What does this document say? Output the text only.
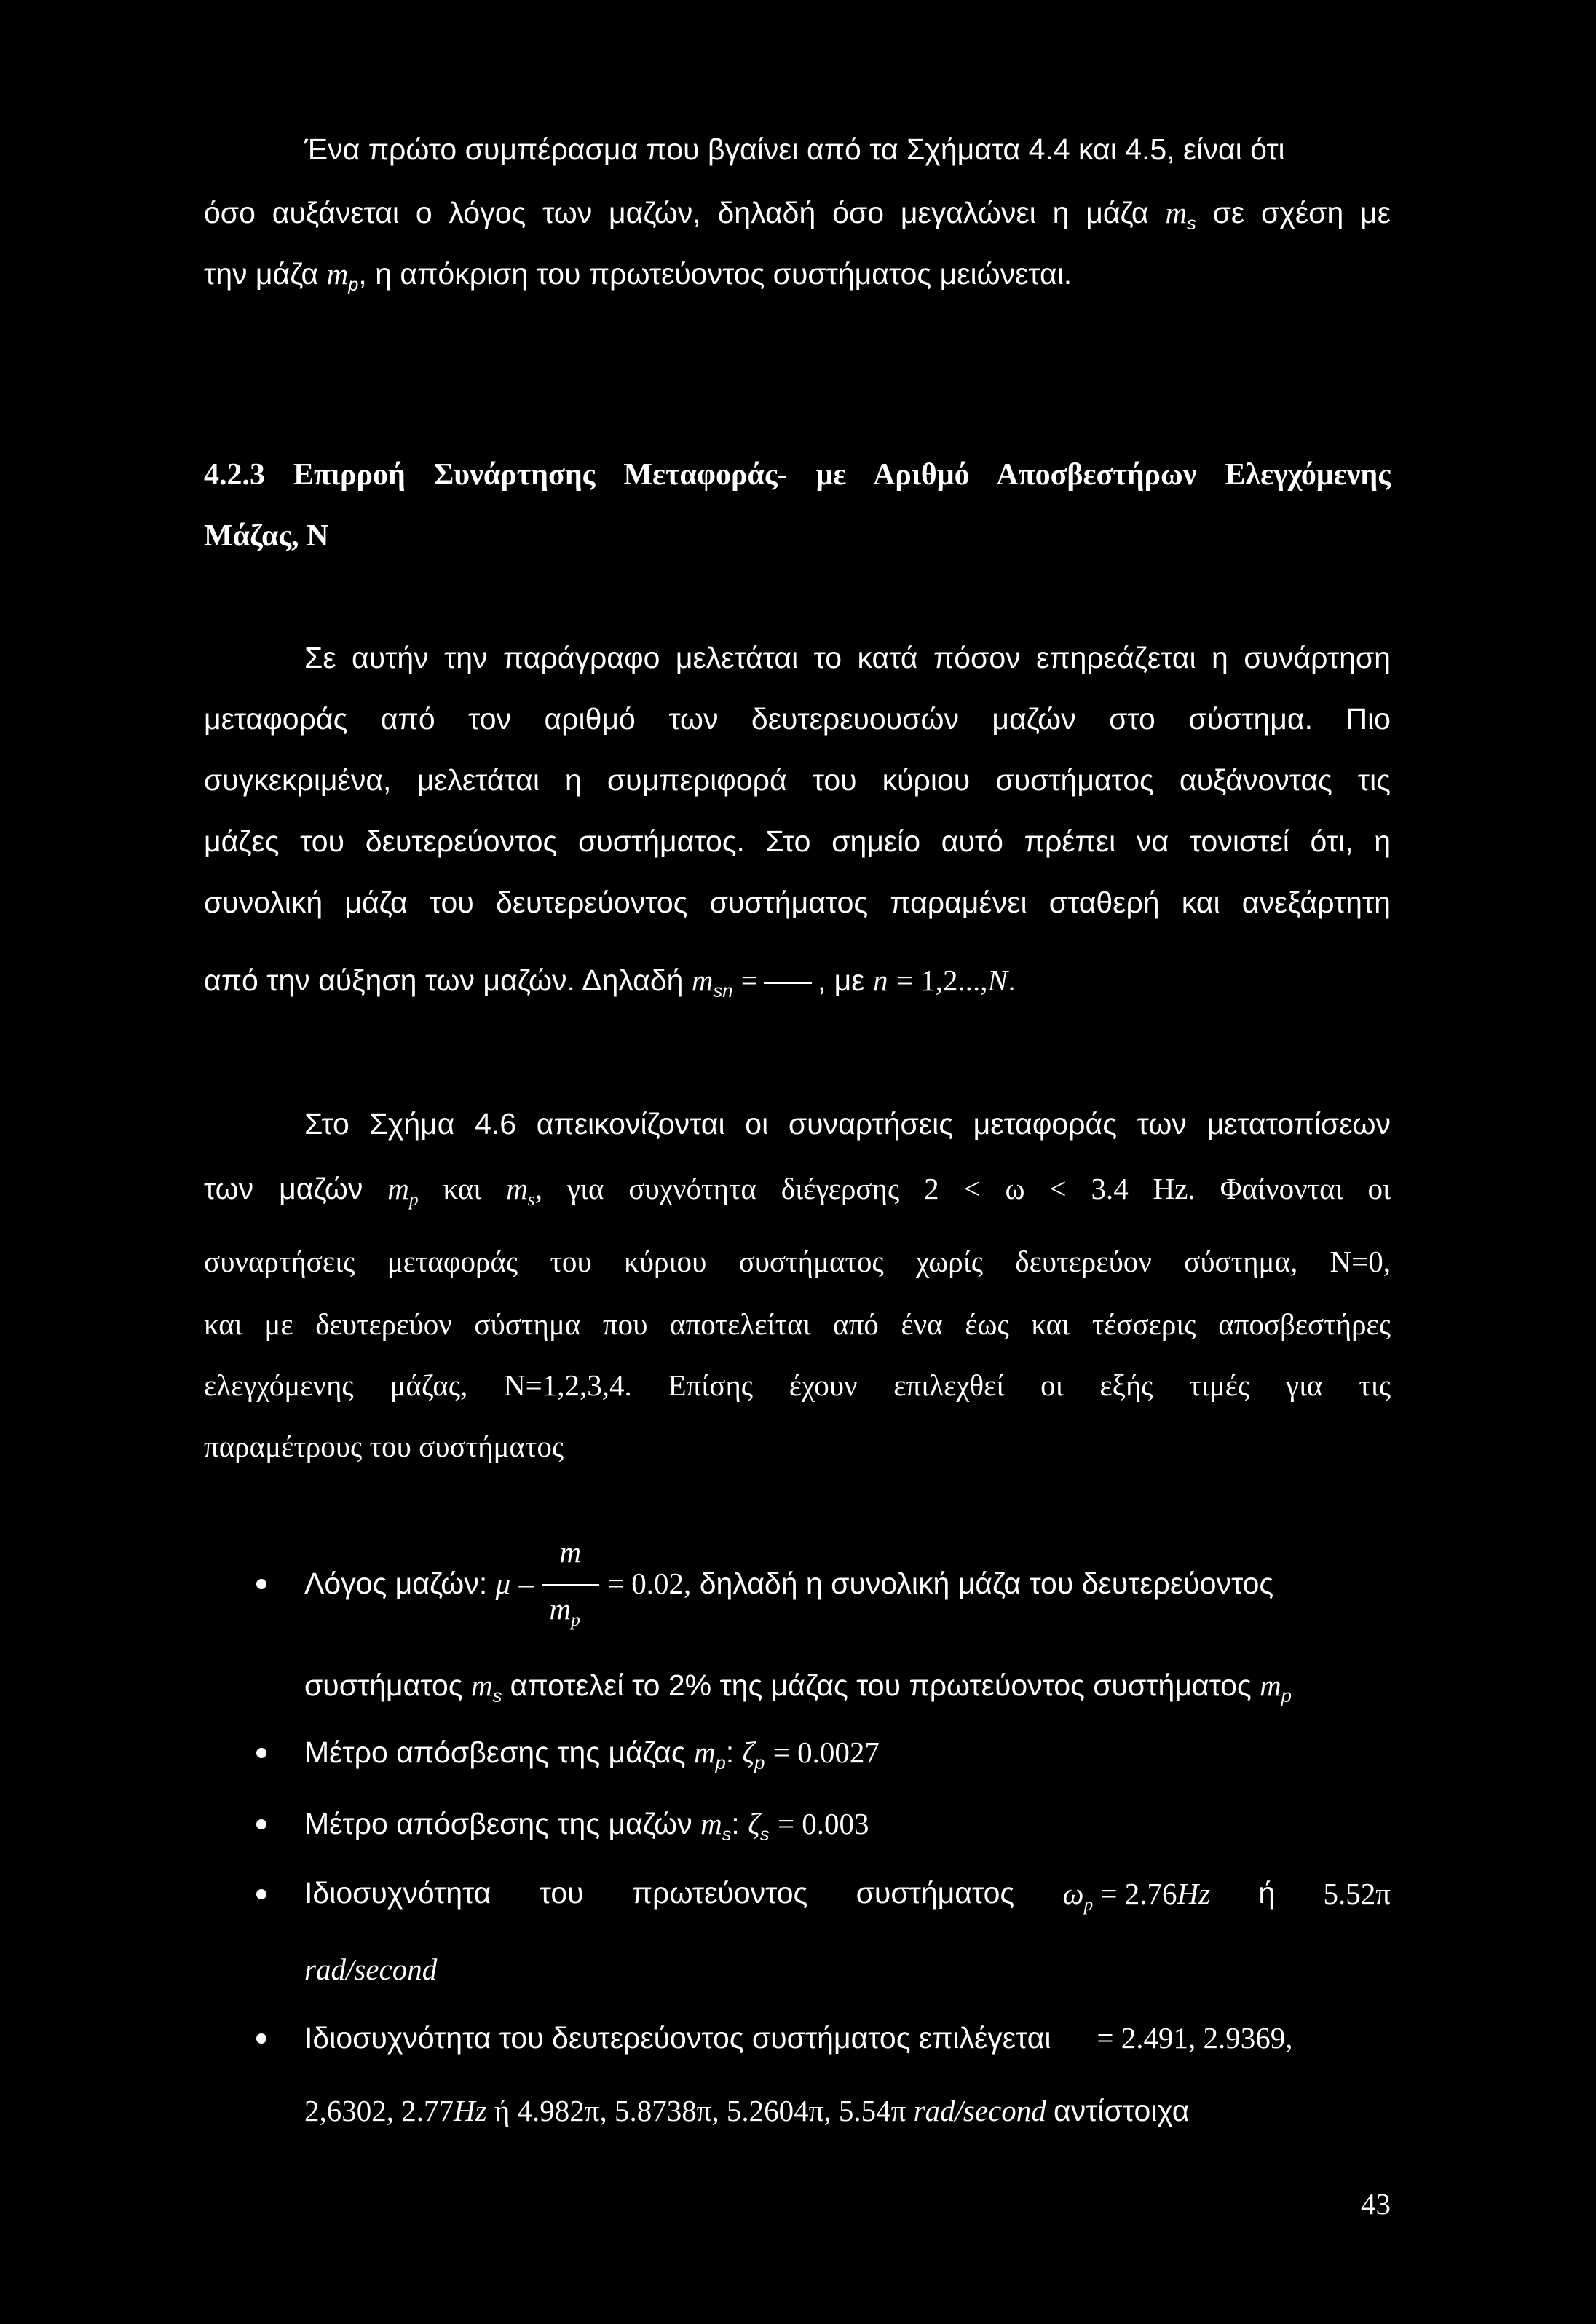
Ένα πρώτο συμπέρασμα που βγαίνει από τα Σχήματα 4.4 και 4.5, είναι ότι
όσο αυξάνεται ο λόγος των μαζών, δηλαδή όσο μεγαλώνει η μάζα $m_s$ σε σχέση με
την μάζα $m_p$, η απόκριση του πρωτεύοντος συστήματος μειώνεται.
4.2.3 Επιρροή Συνάρτησης Μεταφοράς- με Αριθμό Αποσβεστήρων Ελεγχόμενης
Μάζας, N
Σε αυτήν την παράγραφο μελετάται το κατά πόσον επηρεάζεται η συνάρτηση
μεταφοράς από τον αριθμό των δευτερευουσών μαζών στο σύστημα. Πιο
συγκεκριμένα, μελετάται η συμπεριφορά του κύριου συστήματος αυξάνοντας τις
μάζες του δευτερεύοντος συστήματος. Στο σημείο αυτό πρέπει να τονιστεί ότι, η
συνολική μάζα του δευτερεύοντος συστήματος παραμένει σταθερή και ανεξάρτητη
από την αύξηση των μαζών. Δηλαδή $m_{sn}$ = , με n = 1,2...,N.
Στο Σχήμα 4.6 απεικονίζονται οι συναρτήσεις μεταφοράς των μετατοπίσεων
των μαζών $m_p$ και $m_s$, για συχνότητα διέγερσης 2 < ω < 3.4 Hz. Φαίνονται οι
συναρτήσεις μεταφοράς του κύριου συστήματος χωρίς δευτερεύον σύστημα, Ν=0,
και με δευτερεύον σύστημα που αποτελείται από ένα έως και τέσσερις αποσβεστήρες
ελεγχόμενης μάζας, Ν=1,2,3,4. Επίσης έχουν επιλεχθεί οι εξής τιμές για τις
παραμέτρους του συστήματος
Λόγος μαζών: $\mu - \frac{m}{m_p} = 0.02$, δηλαδή η συνολική μάζα του δευτερεύοντος
συστήματος $m_s$ αποτελεί το 2% της μάζας του πρωτεύοντος συστήματος $m_p$
Μέτρο απόσβεσης της μάζας $m_p$: $\zeta_p = 0.0027$
Μέτρο απόσβεσης της μαζών $m_s$: $\zeta_s = 0.003$
Ιδιοσυχνότητα του πρωτεύοντος συστήματος $\omega_p = 2.76Hz$ ή 5.52π
rad/second
Ιδιοσυχνότητα του δευτερεύοντος συστήματος επιλέγεται = 2.491, 2.9369,
2,6302, 2.77Hz ή 4.982π, 5.8738π, 5.2604π, 5.54π rad/second αντίστοιχα
43
